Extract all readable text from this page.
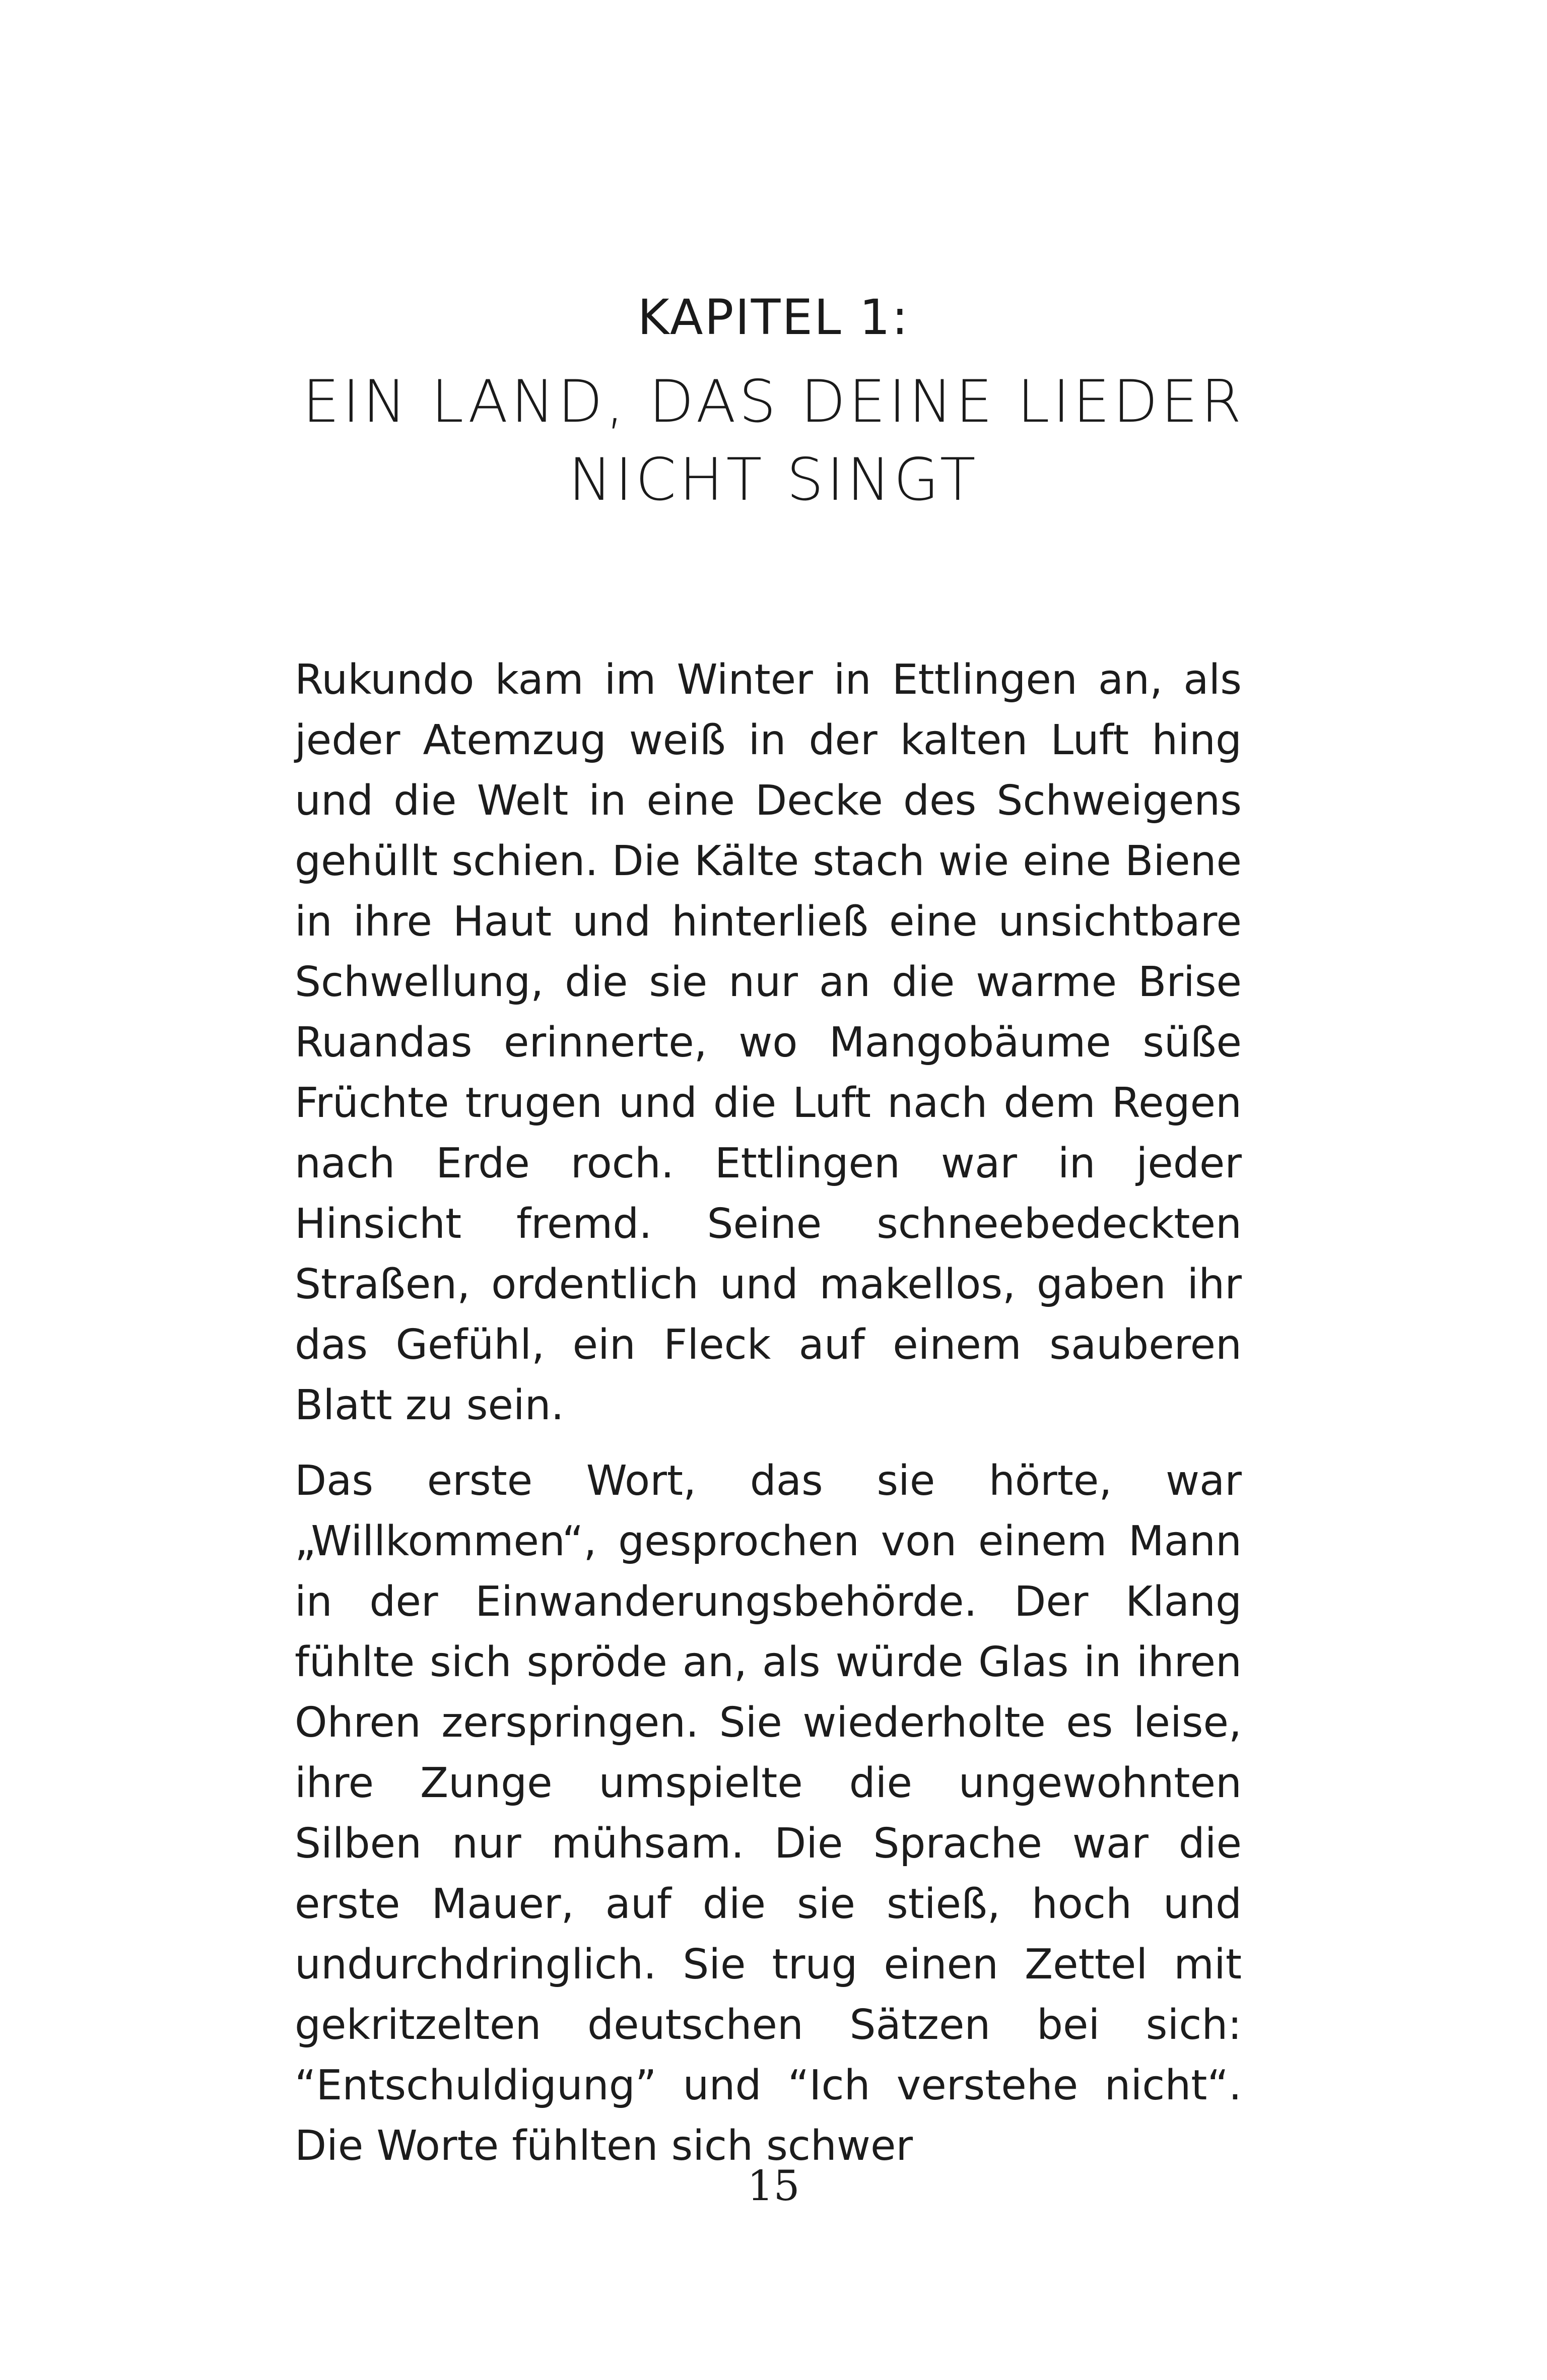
KAPITEL 1:
EIN LAND, DAS DEINE LIEDER
NICHT SINGT

Rukundo kam im Winter in Ettlingen an, als jeder Atemzug weiß in der kalten Luft hing und die Welt in eine Decke des Schweigens gehüllt schien. Die Kälte stach wie eine Biene in ihre Haut und hinterließ eine unsichtbare Schwellung, die sie nur an die warme Brise Ruandas erinnerte, wo Mangobäume süße Früchte trugen und die Luft nach dem Regen nach Erde roch. Ettlingen war in jeder Hinsicht fremd. Seine schneebedeckten Straßen, ordentlich und makellos, gaben ihr das Gefühl, ein Fleck auf einem sauberen Blatt zu sein.

Das erste Wort, das sie hörte, war „Willkommen“, gesprochen von einem Mann in der Einwanderungsbehörde. Der Klang fühlte sich spröde an, als würde Glas in ihren Ohren zerspringen. Sie wiederholte es leise, ihre Zunge umspielte die ungewohnten Silben nur mühsam. Die Sprache war die erste Mauer, auf die sie stieß, hoch und undurchdringlich. Sie trug einen Zettel mit gekritzelten deutschen Sätzen bei sich: “Entschuldigung” und “Ich verstehe nicht“. Die Worte fühlten sich schwer

15
